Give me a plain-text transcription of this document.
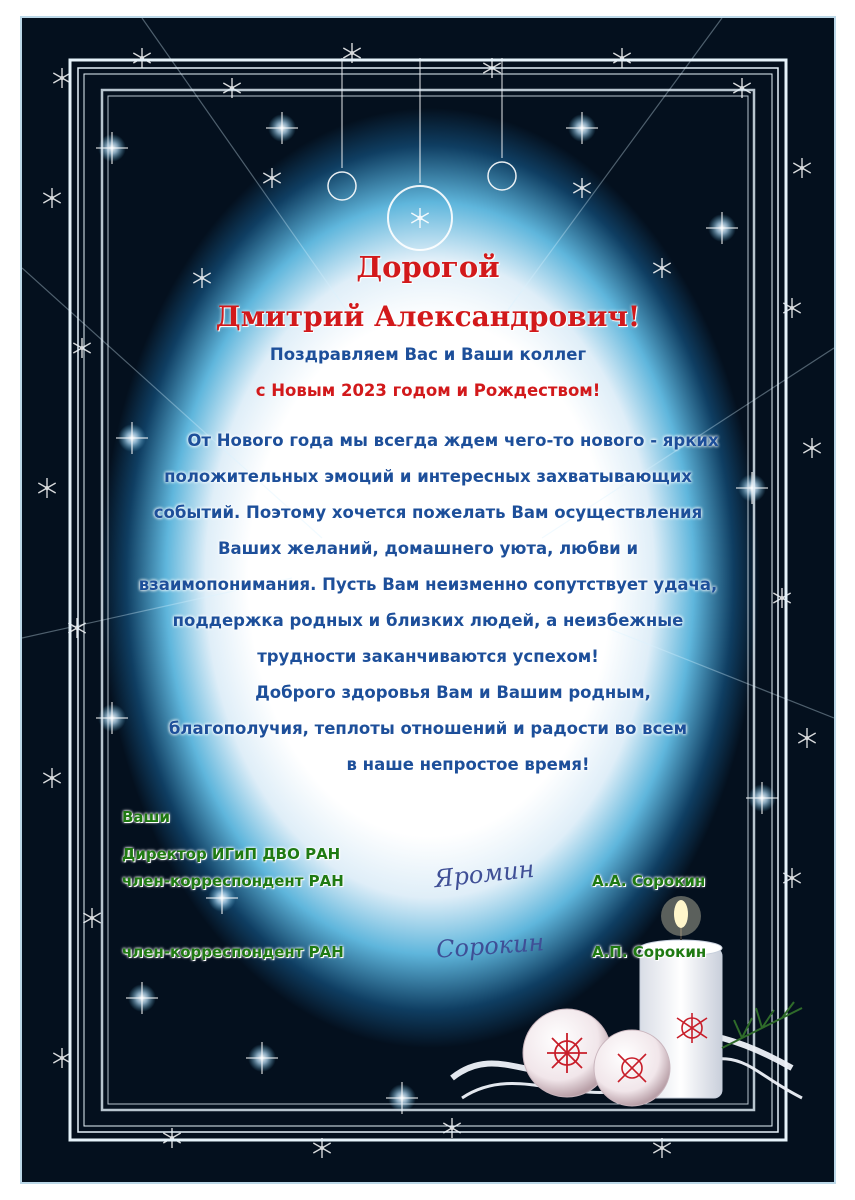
Дорогой
Дмитрий Александрович!
Поздравляем Вас и Ваши коллег
с Новым 2023 годом и Рождеством!
От Нового года мы всегда ждем чего-то нового - ярких
положительных эмоций и интересных захватывающих
событий. Поэтому хочется пожелать Вам осуществления
Ваших желаний, домашнего уюта, любви и
взаимопонимания. Пусть Вам неизменно сопутствует удача,
поддержка родных и близких людей, а неизбежные
трудности заканчиваются успехом!
Доброго здоровья Вам и Вашим родным,
благополучия, теплоты отношений и радости во всем
в наше непростое время!
Ваши
Директор ИГиП ДВО РАН
член-корреспондент РАН	Яромин	А.А. Сорокин
член-корреспондент РАН	Сорокин	А.П. Сорокин
